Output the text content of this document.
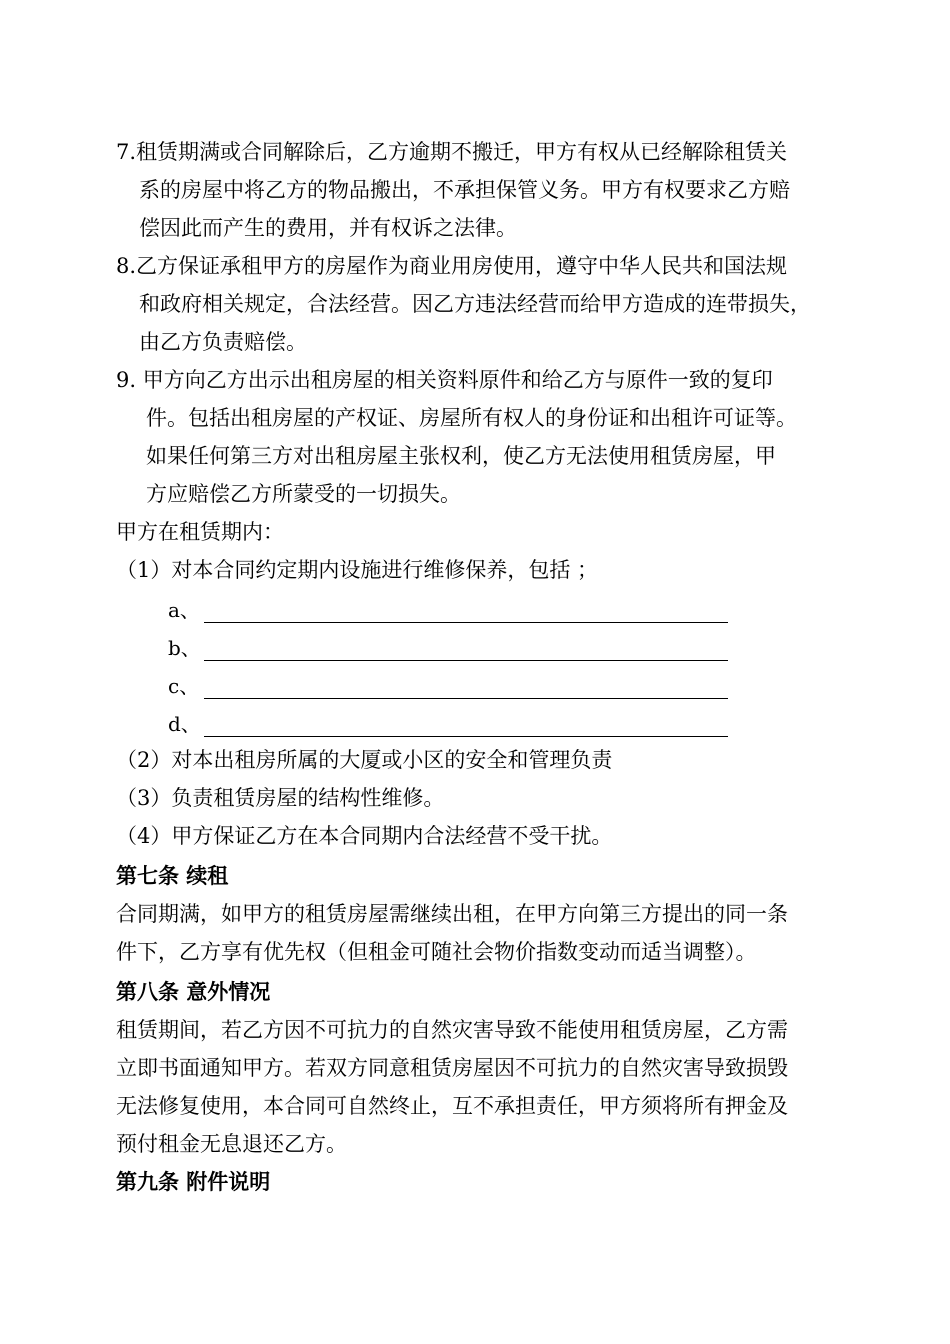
7.租赁期满或合同解除后，乙方逾期不搬迁，甲方有权从已经解除租赁关
系的房屋中将乙方的物品搬出，不承担保管义务。甲方有权要求乙方赔
偿因此而产生的费用，并有权诉之法律。
8.乙方保证承租甲方的房屋作为商业用房使用，遵守中华人民共和国法规
和政府相关规定，合法经营。因乙方违法经营而给甲方造成的连带损失，
由乙方负责赔偿。
9. 甲方向乙方出示出租房屋的相关资料原件和给乙方与原件一致的复印
件。包括出租房屋的产权证、房屋所有权人的身份证和出租许可证等。
如果任何第三方对出租房屋主张权利，使乙方无法使用租赁房屋，甲
方应赔偿乙方所蒙受的一切损失。
甲方在租赁期内：
（1）对本合同约定期内设施进行维修保养，包括 ；
a、
b、
c、
d、
（2）对本出租房所属的大厦或小区的安全和管理负责
（3）负责租赁房屋的结构性维修。
（4）甲方保证乙方在本合同期内合法经营不受干扰。
第七条 续租
合同期满，如甲方的租赁房屋需继续出租，在甲方向第三方提出的同一条
件下，乙方享有优先权（但租金可随社会物价指数变动而适当调整）。
第八条 意外情况
租赁期间，若乙方因不可抗力的自然灾害导致不能使用租赁房屋，乙方需
立即书面通知甲方。若双方同意租赁房屋因不可抗力的自然灾害导致损毁
无法修复使用，本合同可自然终止，互不承担责任，甲方须将所有押金及
预付租金无息退还乙方。
第九条 附件说明
